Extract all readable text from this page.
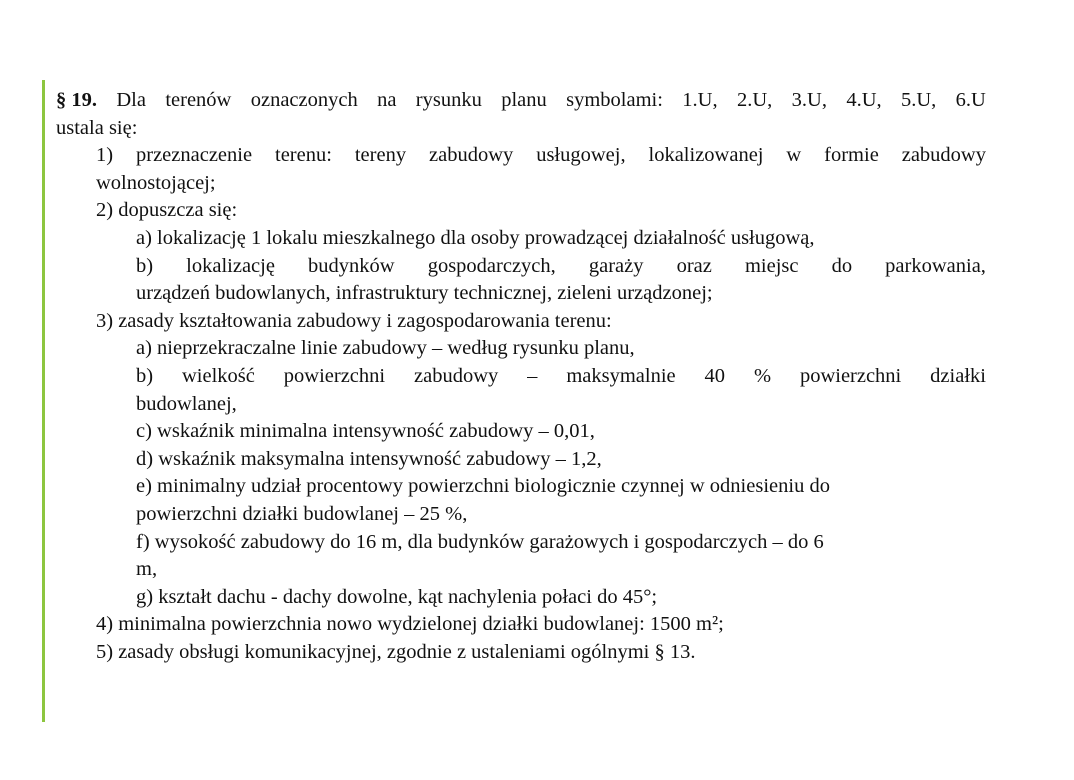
§ 19. Dla terenów oznaczonych na rysunku planu symbolami: 1.U, 2.U, 3.U, 4.U, 5.U, 6.U
ustala się:
1) przeznaczenie terenu: tereny zabudowy usługowej, lokalizowanej w formie zabudowy
wolnostojącej;
2) dopuszcza się:
a) lokalizację 1 lokalu mieszkalnego dla osoby prowadzącej działalność usługową,
b) lokalizację budynków gospodarczych, garaży oraz miejsc do parkowania,
urządzeń budowlanych, infrastruktury technicznej, zieleni urządzonej;
3) zasady kształtowania zabudowy i zagospodarowania terenu:
a) nieprzekraczalne linie zabudowy – według rysunku planu,
b) wielkość powierzchni zabudowy – maksymalnie 40 % powierzchni działki
budowlanej,
c) wskaźnik minimalna intensywność zabudowy – 0,01,
d) wskaźnik maksymalna intensywność zabudowy – 1,2,
e) minimalny udział procentowy powierzchni biologicznie czynnej w odniesieniu do
powierzchni działki budowlanej – 25 %,
f) wysokość zabudowy do 16 m, dla budynków garażowych i gospodarczych – do 6
m,
g) kształt dachu - dachy dowolne, kąt nachylenia połaci do 45°;
4) minimalna powierzchnia nowo wydzielonej działki budowlanej: 1500 m²;
5) zasady obsługi komunikacyjnej, zgodnie z ustaleniami ogólnymi § 13.
